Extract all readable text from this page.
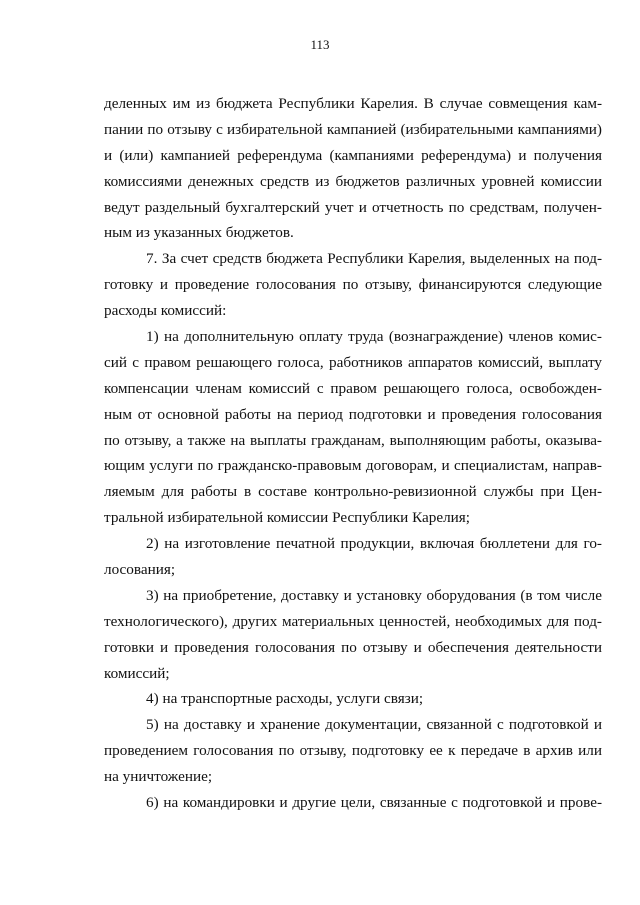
113
деленных им из бюджета Республики Карелия. В случае совмещения кам-
пании по отзыву с избирательной кампанией (избирательными кампаниями)
и (или) кампанией референдума (кампаниями референдума) и получения
комиссиями денежных средств из бюджетов различных уровней комиссии
ведут раздельный бухгалтерский учет и отчетность по средствам, получен-
ным из указанных бюджетов.
7. За счет средств бюджета Республики Карелия, выделенных на под-
готовку и проведение голосования по отзыву, финансируются следующие
расходы комиссий:
1) на дополнительную оплату труда (вознаграждение) членов комис-
сий с правом решающего голоса, работников аппаратов комиссий, выплату
компенсации членам комиссий с правом решающего голоса, освобожден-
ным от основной работы на период подготовки и проведения голосования
по отзыву, а также на выплаты гражданам, выполняющим работы, оказыва-
ющим услуги по гражданско-правовым договорам, и специалистам, направ-
ляемым для работы в составе контрольно-ревизионной службы при Цен-
тральной избирательной комиссии Республики Карелия;
2) на изготовление печатной продукции, включая бюллетени для го-
лосования;
3) на приобретение, доставку и установку оборудования (в том числе
технологического), других материальных ценностей, необходимых для под-
готовки и проведения голосования по отзыву и обеспечения деятельности
комиссий;
4) на транспортные расходы, услуги связи;
5) на доставку и хранение документации, связанной с подготовкой и
проведением голосования по отзыву, подготовку ее к передаче в архив или
на уничтожение;
6) на командировки и другие цели, связанные с подготовкой и прове-
